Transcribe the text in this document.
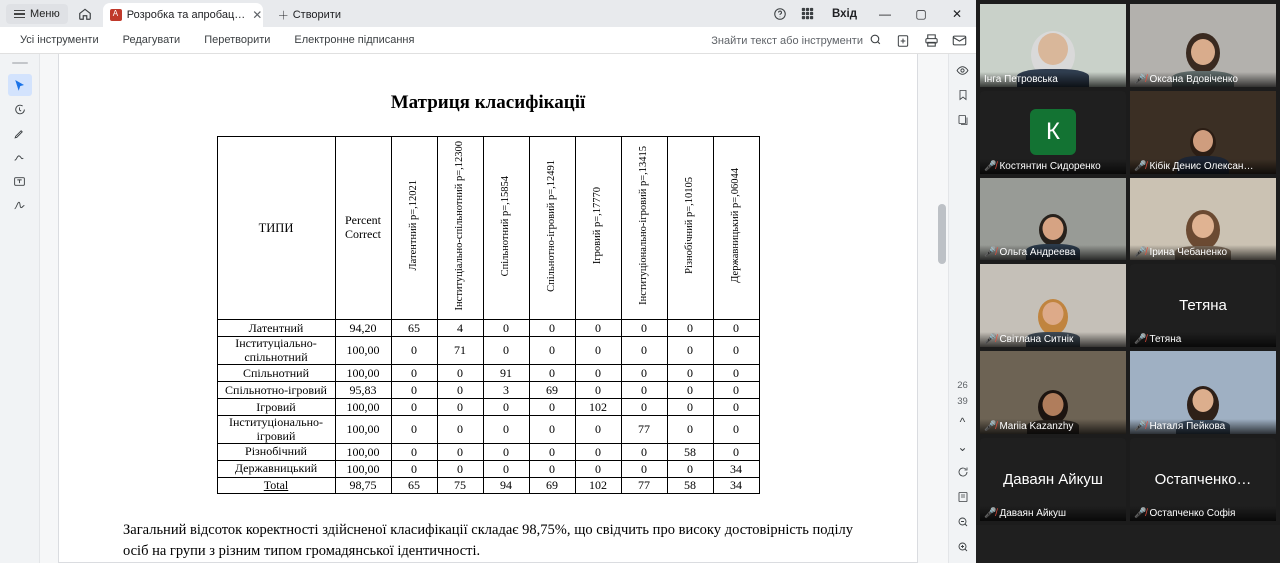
Меню A	Розробка та апробац… ✕ ＋ Створити	Вхід	—	▢	✕
Усі інструменти	Редагувати	Перетворити	Електронне підписання	Знайти текст або інструменти
Матриця класифікації
ТИПИ	Percent Correct	Латентний р=,12021	Інституціально-спільнотний р=,12300	Спільнотний р=,15854	Спільнотно-ігровий р=,12491	Ігровий р=,17770	Інституціонально-ігровий р=,13415	Різнобічний р=,10105	Державницький р=,06044
Латентний	94,20	65	4	0	0	0	0	0	0
Інституціально-спільнотний	100,00	0	71	0	0	0	0	0	0
Спільнотний	100,00	0	0	91	0	0	0	0	0
Спільнотно-ігровий	95,83	0	0	3	69	0	0	0	0
Ігровий	100,00	0	0	0	0	102	0	0	0
Інституціонально-ігровий	100,00	0	0	0	0	0	77	0	0
Різнобічний	100,00	0	0	0	0	0	0	58	0
Державницький	100,00	0	0	0	0	0	0	0	34
Total	98,75	65	75	94	69	102	77	58	34
Загальний відсоток коректності здійсненої класифікації складає 98,75%, що свідчить про високу достовірність поділу осіб на групи з різним типом громадянської ідентичності.
26
39
^
⌄
Інга Петровська	🎤̸ Оксана Вдовіченко
К
🎤̸ Костянтин Сидоренко	🎤̸ Кібік Денис Олексан…
🎤̸ Ольга Андреева	🎤̸ Ірина Чебаненко
🎤̸ Світлана Ситнік
Тетяна
🎤̸ Тетяна
🎤̸ Mariia Kazanzhy	🎤̸ Наталя Пейкова
Даваян Айкуш
🎤̸ Даваян Айкуш
Остапченко…
🎤̸ Остапченко Софія
